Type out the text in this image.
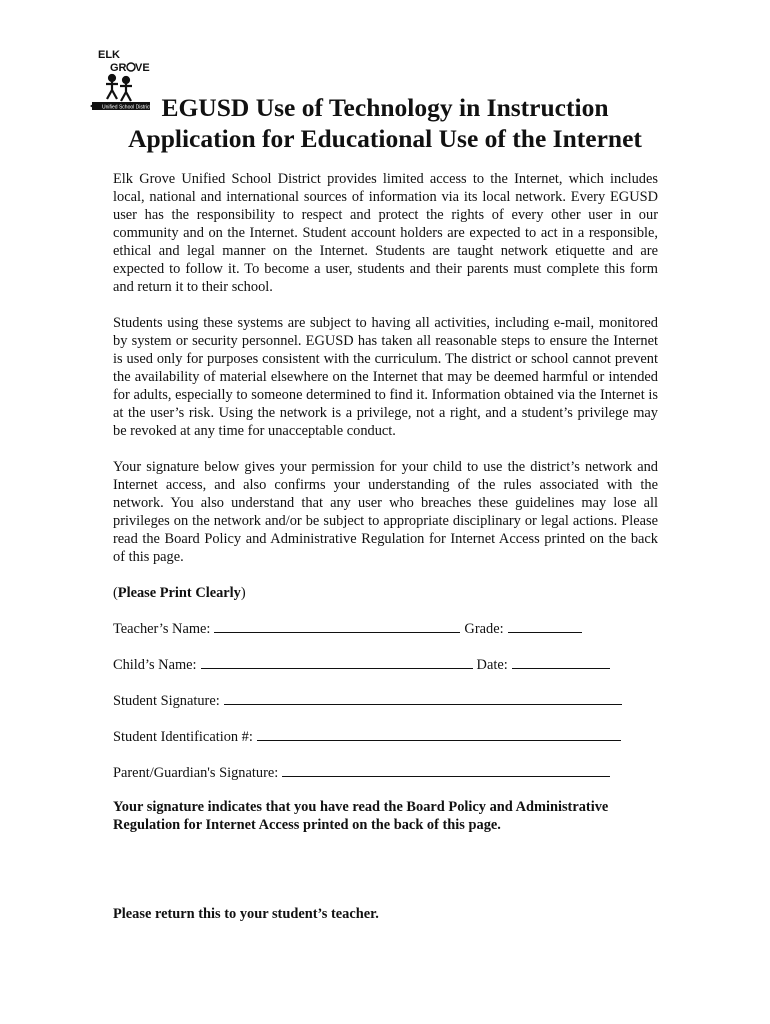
ELK
GR VE
Unified School District EGUSD Use of Technology in Instruction
Application for Educational Use of the Internet

Elk Grove Unified School District provides limited access to the Internet, which includes local, national and international sources of information via its local network. Every EGUSD user has the responsibility to respect and protect the rights of every other user in our community and on the Internet. Student account holders are expected to act in a responsible, ethical and legal manner on the Internet. Students are taught network etiquette and are expected to follow it. To become a user, students and their parents must complete this form and return it to their school.

Students using these systems are subject to having all activities, including e-mail, monitored by system or security personnel. EGUSD has taken all reasonable steps to ensure the Internet is used only for purposes consistent with the curriculum. The district or school cannot prevent the availability of material elsewhere on the Internet that may be deemed harmful or intended for adults, especially to someone determined to find it. Information obtained via the Internet is at the user’s risk. Using the network is a privilege, not a right, and a student’s privilege may be revoked at any time for unacceptable conduct.

Your signature below gives your permission for your child to use the district’s network and Internet access, and also confirms your understanding of the rules associated with the network. You also understand that any user who breaches these guidelines may lose all privileges on the network and/or be subject to appropriate disciplinary or legal actions. Please read the Board Policy and Administrative Regulation for Internet Access printed on the back of this page.

(Please Print Clearly)

Teacher’s Name:	Grade:
Child’s Name:	Date:
Student Signature:
Student Identification #:
Parent/Guardian's Signature:

Your signature indicates that you have read the Board Policy and Administrative Regulation for Internet Access printed on the back of this page.

Please return this to your student’s teacher.
